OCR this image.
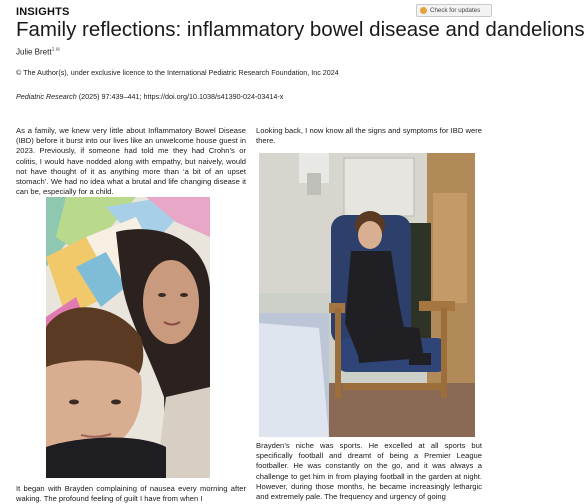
INSIGHTS	Check for updates
Family reflections: inflammatory bowel disease and dandelions
Julie Brett$^{1 ✉}$
© The Author(s), under exclusive licence to the International Pediatric Research Foundation, Inc 2024
Pediatric Research (2025) 97:439–441; https://doi.org/10.1038/s41390-024-03414-x

As a family, we knew very little about Inflammatory Bowel Disease (IBD) before it burst into our lives like an unwelcome house guest in 2023. Previously, if someone had told me they had Crohn’s or colitis, I would have nodded along with empathy, but naively, would not have thought of it as anything more than ‘a bit of an upset stomach’. We had no idea what a brutal and life changing disease it can be, especially for a child.

Looking back, I now know all the signs and symptoms for IBD were there.

It began with Brayden complaining of nausea every morning after waking. The profound feeling of guilt I have from when I

Brayden’s niche was sports. He excelled at all sports but specifically football and dreamt of being a Premier League footballer. He was constantly on the go, and it was always a challenge to get him in from playing football in the garden at night. However, during those months, he became increasingly lethargic and extremely pale. The frequency and urgency of going
